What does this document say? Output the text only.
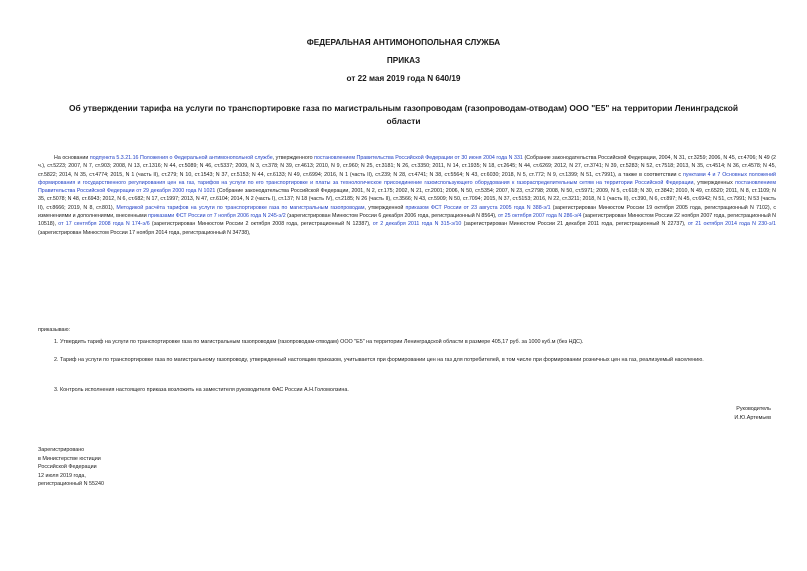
ФЕДЕРАЛЬНАЯ АНТИМОНОПОЛЬНАЯ СЛУЖБА
ПРИКАЗ
от 22 мая 2019 года N 640/19
Об утверждении тарифа на услуги по транспортировке газа по магистральным газопроводам (газопроводам-отводам) ООО "Е5" на территории Ленинградской
области

На основании подпункта 5.3.21.16 Положения о Федеральной антимонопольной службе, утвержденного постановлением Правительства Российской Федерации от 30 июня 2004 года N 331 (Собрание законодательства Российской Федерации, 2004, N 31, ст.3259; 2006, N 45, ст.4706; N 49 (2 ч.), ст.5223; 2007, N 7, ст.903; 2008, N 13, ст.1316; N 44, ст.5089; N 46, ст.5337; 2009, N 3, ст.378; N 39, ст.4613; 2010, N 9, ст.960; N 25, ст.3181; N 26, ст.3350; 2011, N 14, ст.1935; N 18, ст.2645; N 44, ст.6269; 2012, N 27, ст.3741; N 39, ст.5283; N 52, ст.7518; 2013, N 35, ст.4514; N 36, ст.4578; N 45, ст.5822; 2014, N 35, ст.4774; 2015, N 1 (часть II), ст.279; N 10, ст.1543; N 37, ст.5153; N 44, ст.6133; N 49, ст.6994; 2016, N 1 (часть II), ст.239; N 28, ст.4741; N 38, ст.5564; N 43, ст.6030; 2018, N 5, ст.772; N 9, ст.1399; N 51, ст.7991), а также в соответствии с пунктами 4 и 7 Основных положений формирования и государственного регулирования цен на газ, тарифов на услуги по его транспортировке и платы за технологическое присоединение газоиспользующего оборудования к газораспределительным сетям на территории Российской Федерации, утвержденных постановлением Правительства Российской Федерации от 29 декабря 2000 года N 1021 (Собрание законодательства Российской Федерации, 2001, N 2, ст.175; 2002, N 21, ст.2001; 2006, N 50, ст.5354; 2007, N 23, ст.2798; 2008, N 50, ст.5971; 2009, N 5, ст.618; N 30, ст.3842; 2010, N 49, ст.6520; 2011, N 8, ст.1109; N 35, ст.5078; N 48, ст.6943; 2012, N 6, ст.682; N 17, ст.1997; 2013, N 47, ст.6104; 2014, N 2 (часть I), ст.137; N 18 (часть IV), ст.2185; N 26 (часть II), ст.3566; N 43, ст.5909; N 50, ст.7094; 2015, N 37, ст.5153; 2016, N 22, ст.3211; 2018, N 1 (часть II), ст.390, N 6, ст.897; N 45, ст.6942; N 51, ст.7991; N 53 (часть II), ст.8666; 2019, N 8, ст.801), Методикой расчёта тарифов на услуги по транспортировке газа по магистральным газопроводам, утвержденной приказом ФСТ России от 23 августа 2005 года N 388-э/1 (зарегистрирован Минюстом России 19 октября 2005 года, регистрационный N 7102), с изменениями и дополнениями, внесенными приказами ФСТ России от 7 ноября 2006 года N 245-э/2 (зарегистрирован Минюстом России 6 декабря 2006 года, регистрационный N 8564), от 25 октября 2007 года N 286-э/4 (зарегистрирован Минюстом России 22 ноября 2007 года, регистрационный N 10518), от 17 сентября 2008 года N 174-э/6 (зарегистрирован Минюстом России 2 октября 2008 года, регистрационный N 12387), от 2 декабря 2011 года N 315-э/10 (зарегистрирован Минюстом России 21 декабря 2011 года, регистрационный N 22737), от 21 октября 2014 года N 230-э/1 (зарегистрирован Минюстом России 17 ноября 2014 года, регистрационный N 34738),

приказываю:
1. Утвердить тариф на услуги по транспортировке газа по магистральным газопроводам (газопроводам-отводам) ООО "Е5" на территории Ленинградской области в размере 405,17 руб. за 1000 куб.м (без НДС).
2. Тариф на услуги по транспортировке газа по магистральному газопроводу, утвержденный настоящим приказом, учитывается при формировании цен на газ для потребителей, в том числе при формировании розничных цен на газ, реализуемый населению.
3. Контроль исполнения настоящего приказа возложить на заместителя руководителя ФАС России А.Н.Голомолзина.
Руководитель
И.Ю.Артемьев
Зарегистрировано
в Министерстве юстиции
Российской Федерации
12 июля 2019 года,
регистрационный N 55240
